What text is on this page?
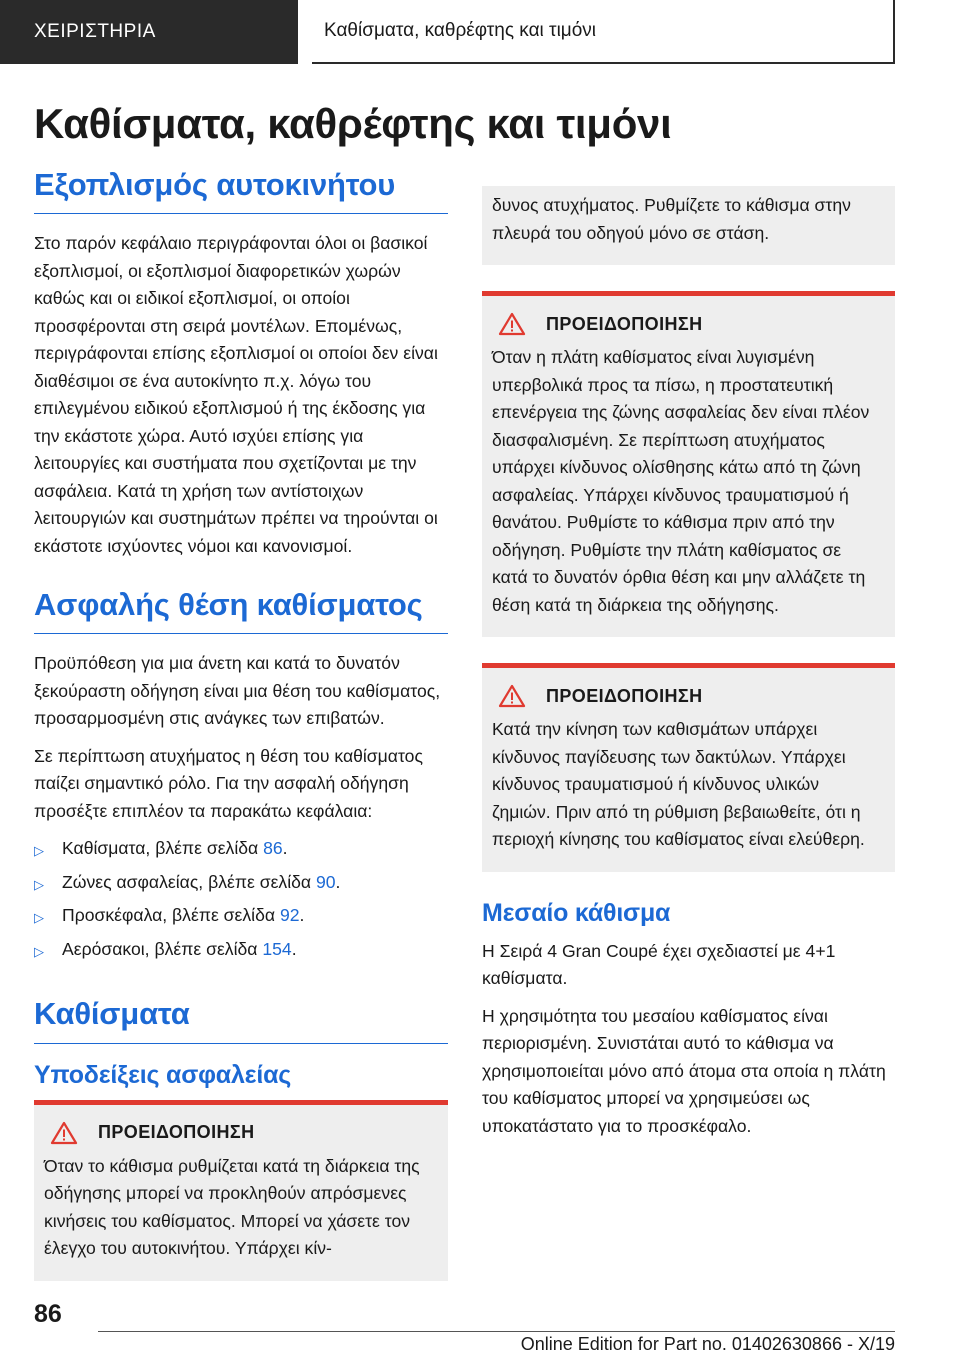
ΧΕΙΡΙΣΤΗΡΙΑ	Καθίσματα, καθρέφτης και τιμόνι
Καθίσματα, καθρέφτης και τιμόνι
Εξοπλισμός αυτοκινήτου

Στο παρόν κεφάλαιο περιγράφονται όλοι οι βασικοί εξοπλισμοί, οι εξοπλισμοί διαφορετικών χωρών καθώς και οι ειδικοί εξοπλισμοί, οι οποίοι προσφέρονται στη σειρά μοντέλων. Επομένως, περιγράφονται επίσης εξοπλισμοί οι οποίοι δεν είναι διαθέσιμοι σε ένα αυτοκίνητο π.χ. λόγω του επιλεγμένου ειδικού εξοπλισμού ή της έκδοσης για την εκάστοτε χώρα. Αυτό ισχύει επίσης για λειτουργίες και συστήματα που σχετίζονται με την ασφάλεια. Κατά τη χρήση των αντίστοιχων λειτουργιών και συστημάτων πρέπει να τηρούνται οι εκάστοτε ισχύοντες νόμοι και κανονισμοί.

Ασφαλής θέση καθίσματος

Προϋπόθεση για μια άνετη και κατά το δυνατόν ξεκούραστη οδήγηση είναι μια θέση του καθίσματος, προσαρμοσμένη στις ανάγκες των επιβατών.

Σε περίπτωση ατυχήματος η θέση του καθίσματος παίζει σημαντικό ρόλο. Για την ασφαλή οδήγηση προσέξτε επιπλέον τα παρακάτω κεφάλαια:

▷	Καθίσματα, βλέπε σελίδα 86.
▷	Ζώνες ασφαλείας, βλέπε σελίδα 90.
▷	Προσκέφαλα, βλέπε σελίδα 92.
▷	Αερόσακοι, βλέπε σελίδα 154.
Καθίσματα
Υποδείξεις ασφαλείας
ΠΡΟΕΙΔΟΠΟΙΗΣΗ

Όταν το κάθισμα ρυθμίζεται κατά τη διάρκεια της οδήγησης μπορεί να προκληθούν απρόσμενες κινήσεις του καθίσματος. Μπορεί να χάσετε τον έλεγχο του αυτοκινήτου. Υπάρχει κίν-

δυνος ατυχήματος. Ρυθμίζετε το κάθισμα στην πλευρά του οδηγού μόνο σε στάση.

ΠΡΟΕΙΔΟΠΟΙΗΣΗ

Όταν η πλάτη καθίσματος είναι λυγισμένη υπερβολικά προς τα πίσω, η προστατευτική επενέργεια της ζώνης ασφαλείας δεν είναι πλέον διασφαλισμένη. Σε περίπτωση ατυχήματος υπάρχει κίνδυνος ολίσθησης κάτω από τη ζώνη ασφαλείας. Υπάρχει κίνδυνος τραυματισμού ή θανάτου. Ρυθμίστε το κάθισμα πριν από την οδήγηση. Ρυθμίστε την πλάτη καθίσματος σε κατά το δυνατόν όρθια θέση και μην αλλάζετε τη θέση κατά τη διάρκεια της οδήγησης.

ΠΡΟΕΙΔΟΠΟΙΗΣΗ

Κατά την κίνηση των καθισμάτων υπάρχει κίνδυνος παγίδευσης των δακτύλων. Υπάρχει κίνδυνος τραυματισμού ή κίνδυνος υλικών ζημιών. Πριν από τη ρύθμιση βεβαιωθείτε, ότι η περιοχή κίνησης του καθίσματος είναι ελεύθερη.

Μεσαίο κάθισμα

Η Σειρά 4 Gran Coupé έχει σχεδιαστεί με 4+1 καθίσματα.

Η χρησιμότητα του μεσαίου καθίσματος είναι περιορισμένη. Συνιστάται αυτό το κάθισμα να χρησιμοποιείται μόνο από άτομα στα οποία η πλάτη του καθίσματος μπορεί να χρησιμεύσει ως υποκατάστατο για το προσκέφαλο.

86
Online Edition for Part no. 01402630866 - X/19
